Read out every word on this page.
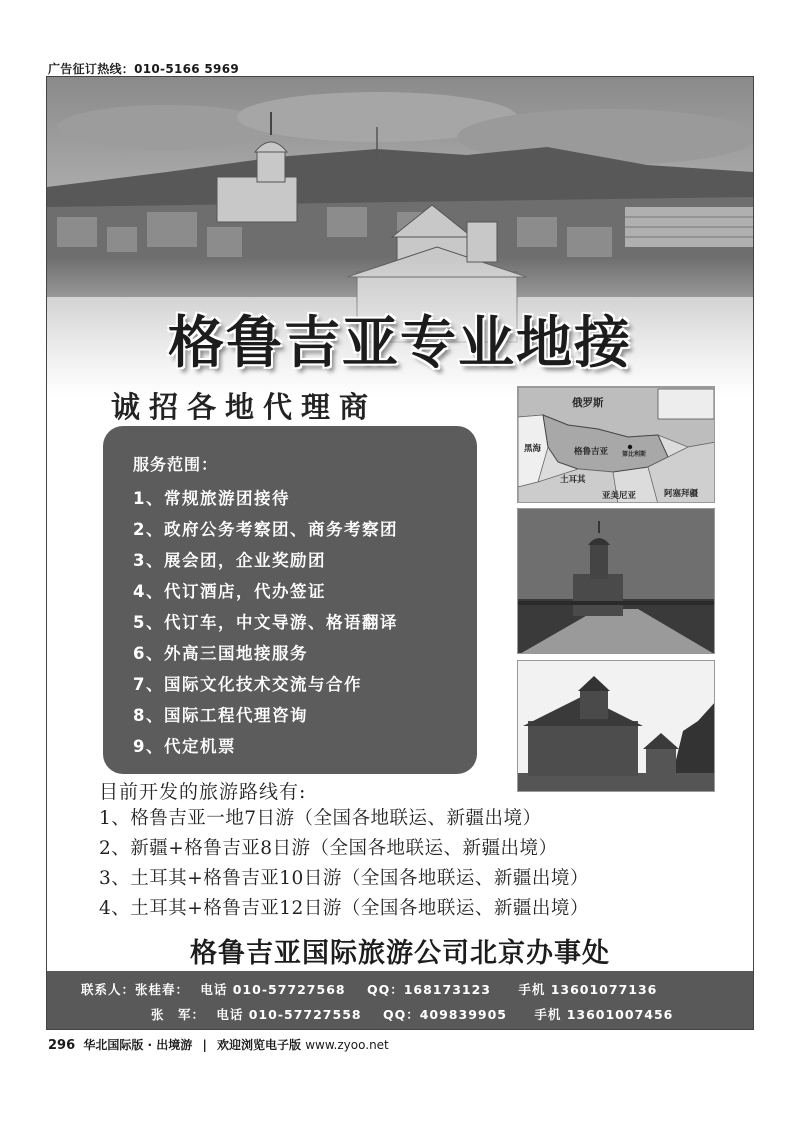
广告征订热线：010-5166 5969
格鲁吉亚专业地接
诚招各地代理商
服务范围：
1、常规旅游团接待
2、政府公务考察团、商务考察团
3、展会团，企业奖励团
4、代订酒店，代办签证
5、代订车，中文导游、格语翻译
6、外高三国地接服务
7、国际文化技术交流与合作
8、国际工程代理咨询
9、代定机票
俄罗斯
黑海	格鲁吉亚 第比利斯
土耳其
亚美尼亚	阿塞拜疆
目前开发的旅游路线有:
1、格鲁吉亚一地7日游（全国各地联运、新疆出境）
2、新疆+格鲁吉亚8日游（全国各地联运、新疆出境）
3、土耳其+格鲁吉亚10日游（全国各地联运、新疆出境）
4、土耳其+格鲁吉亚12日游（全国各地联运、新疆出境）
格鲁吉亚国际旅游公司北京办事处
联系人：张桂春： 电话 010-57727568 QQ：168173123 手机 13601077136
张　军： 电话 010-57727558 QQ：409839905 手机 13601007456
296 华北国际版 · 出境游 | 欢迎浏览电子版 www.zyoo.net
